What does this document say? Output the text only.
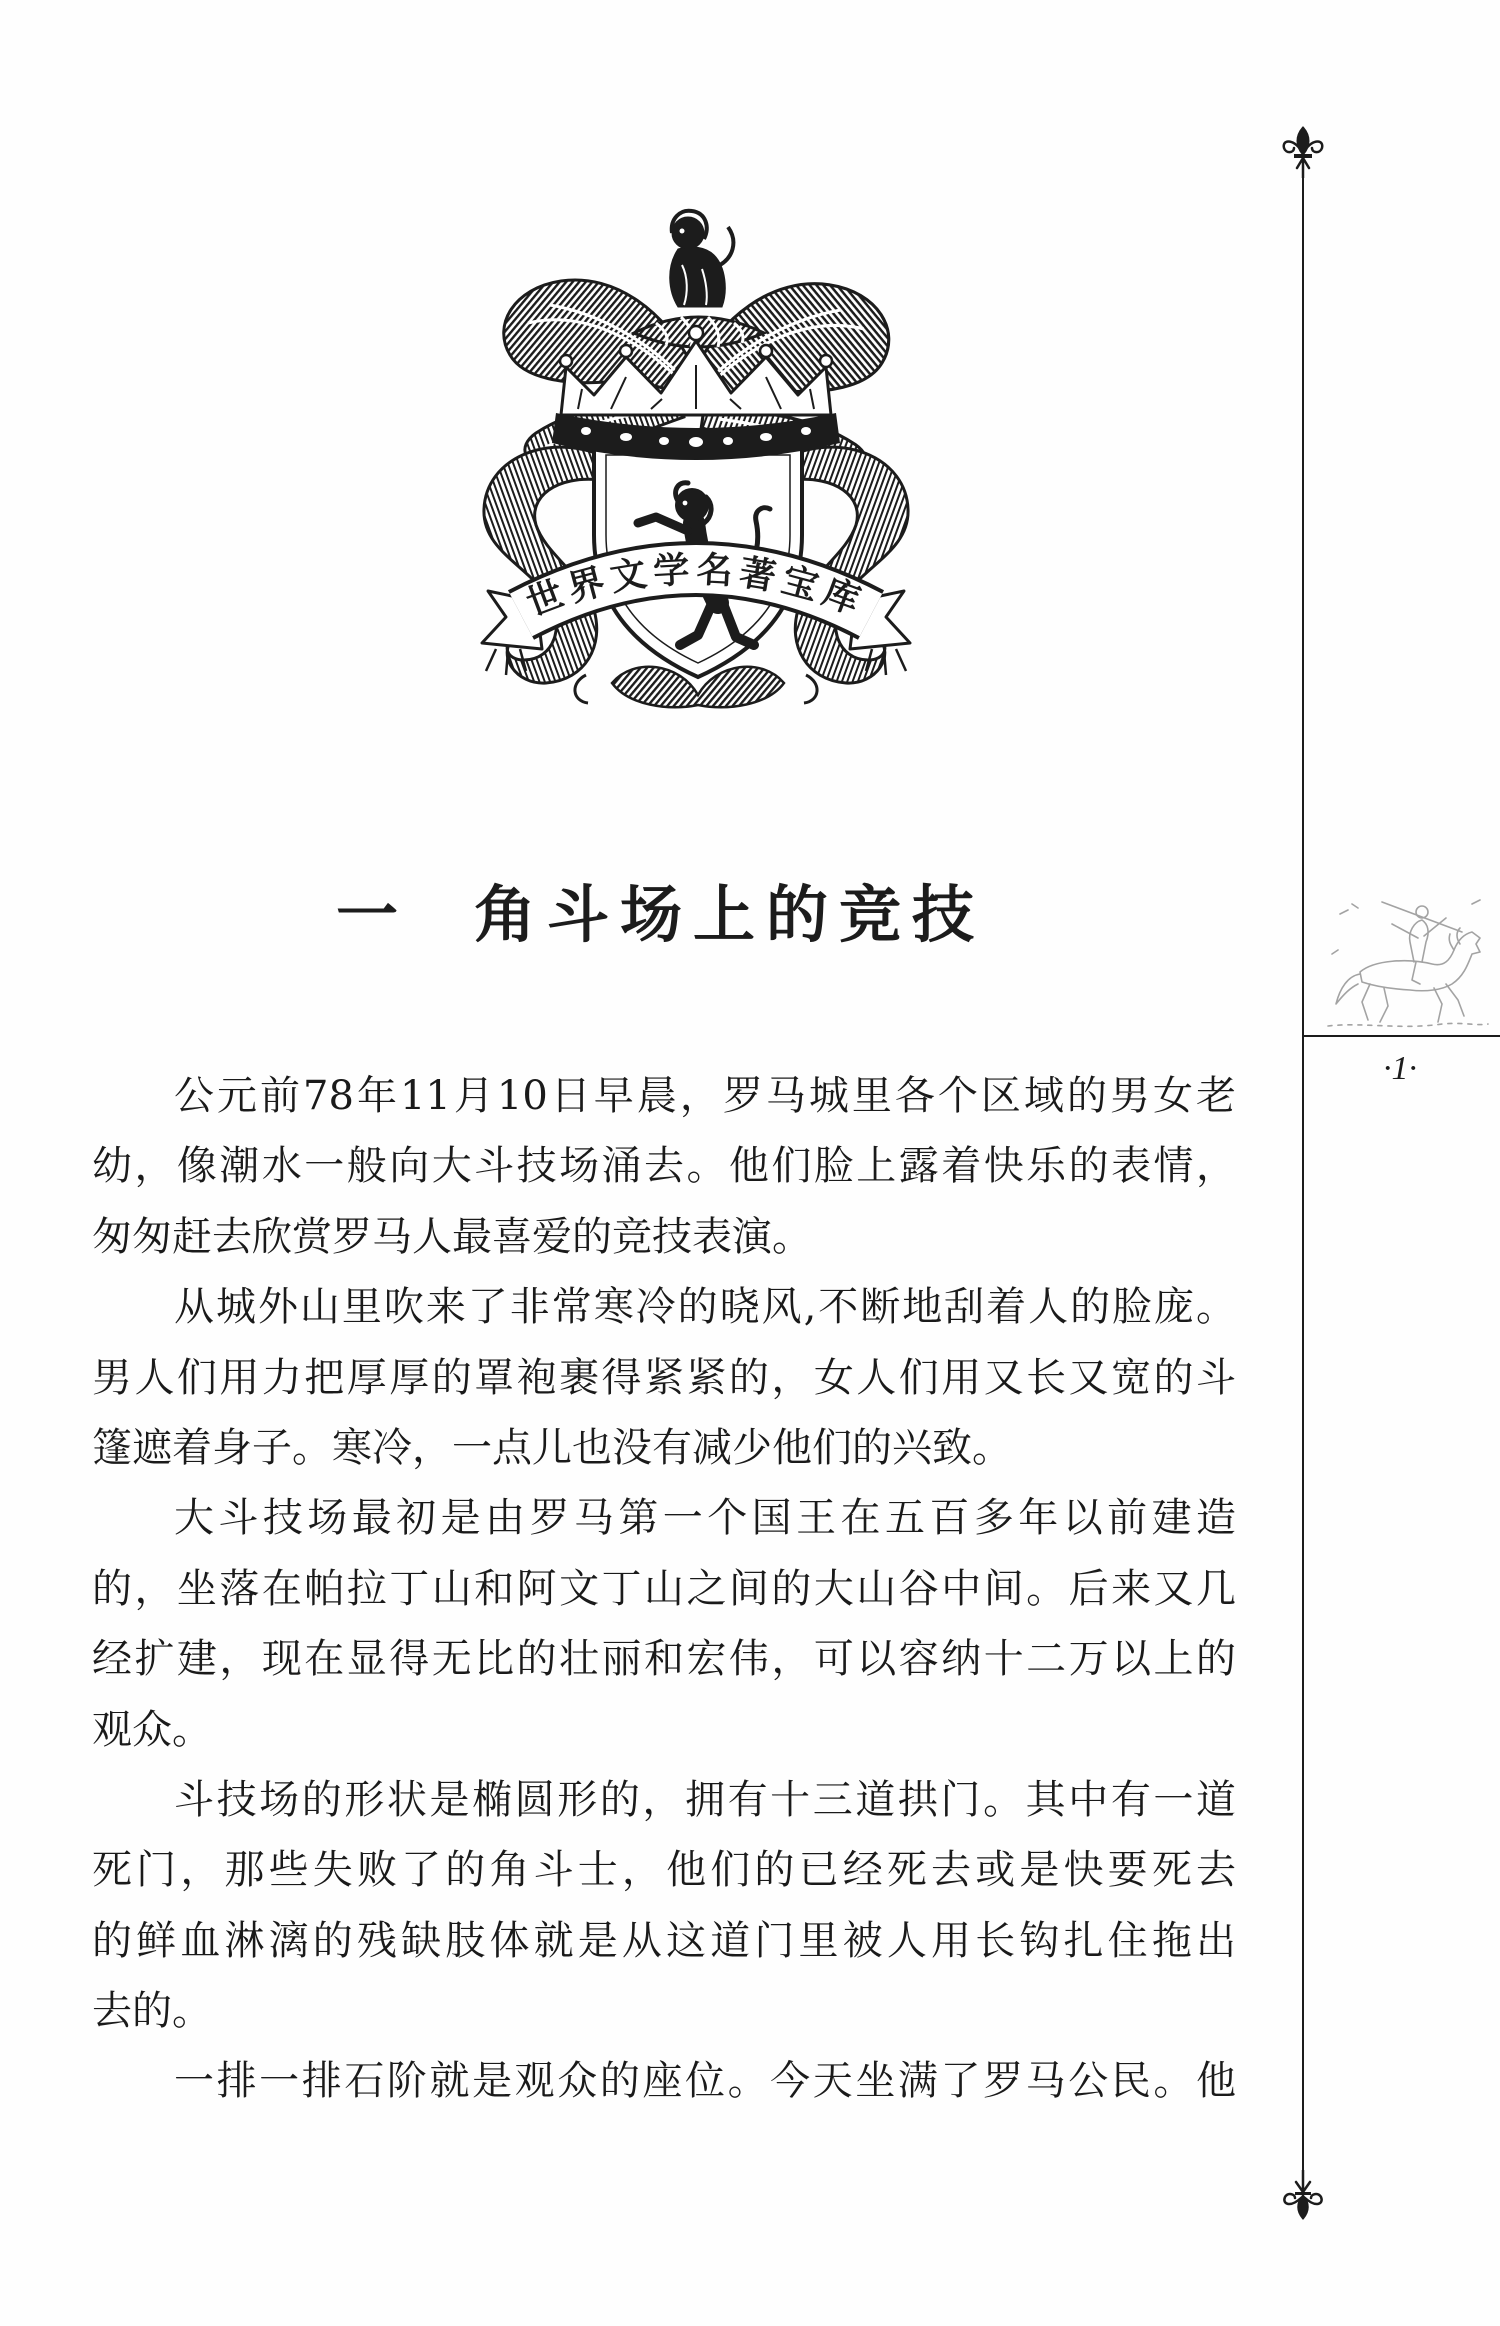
世界文学名著宝库
一 角斗场上的竞技
公元前78年11月10日早晨，罗马城里各个区域的男女老
幼，像潮水一般向大斗技场涌去。他们脸上露着快乐的表情，
匆匆赶去欣赏罗马人最喜爱的竞技表演。
从城外山里吹来了非常寒冷的晓风,不断地刮着人的脸庞。
男人们用力把厚厚的罩袍裹得紧紧的，女人们用又长又宽的斗
篷遮着身子。寒冷，一点儿也没有减少他们的兴致。
大斗技场最初是由罗马第一个国王在五百多年以前建造
的，坐落在帕拉丁山和阿文丁山之间的大山谷中间。后来又几
经扩建，现在显得无比的壮丽和宏伟，可以容纳十二万以上的
观众。
斗技场的形状是椭圆形的，拥有十三道拱门。其中有一道
死门，那些失败了的角斗士，他们的已经死去或是快要死去
的鲜血淋漓的残缺肢体就是从这道门里被人用长钩扎住拖出
去的。
一排一排石阶就是观众的座位。今天坐满了罗马公民。他
·1·
